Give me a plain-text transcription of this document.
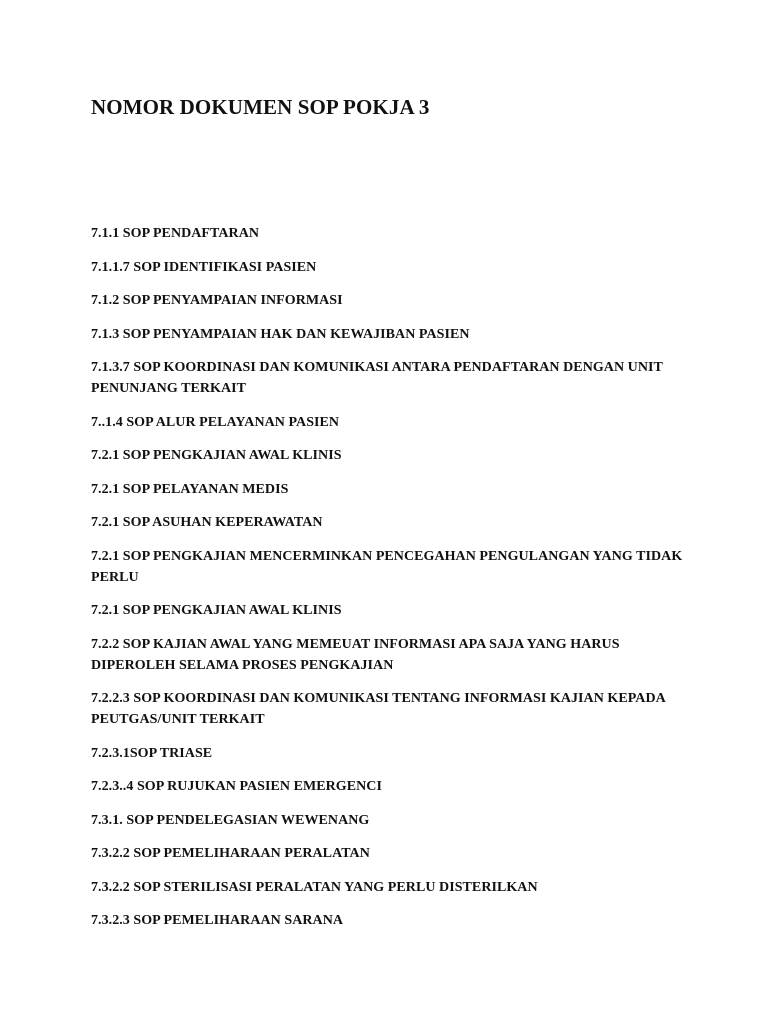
NOMOR DOKUMEN SOP POKJA 3
7.1.1 SOP PENDAFTARAN
7.1.1.7 SOP IDENTIFIKASI PASIEN
7.1.2 SOP PENYAMPAIAN INFORMASI
7.1.3 SOP PENYAMPAIAN HAK DAN KEWAJIBAN PASIEN
7.1.3.7 SOP KOORDINASI DAN KOMUNIKASI ANTARA PENDAFTARAN DENGAN UNIT PENUNJANG TERKAIT
7..1.4 SOP ALUR PELAYANAN PASIEN
7.2.1 SOP PENGKAJIAN AWAL KLINIS
7.2.1 SOP PELAYANAN MEDIS
7.2.1 SOP ASUHAN KEPERAWATAN
7.2.1 SOP PENGKAJIAN MENCERMINKAN PENCEGAHAN PENGULANGAN YANG TIDAK PERLU
7.2.1 SOP PENGKAJIAN AWAL KLINIS
7.2.2 SOP KAJIAN AWAL YANG MEMEUAT INFORMASI APA SAJA YANG HARUS DIPEROLEH SELAMA PROSES PENGKAJIAN
7.2.2.3 SOP KOORDINASI DAN KOMUNIKASI TENTANG INFORMASI KAJIAN KEPADA PEUTGAS/UNIT TERKAIT
7.2.3.1SOP TRIASE
7.2.3..4 SOP RUJUKAN PASIEN EMERGENCI
7.3.1. SOP PENDELEGASIAN WEWENANG
7.3.2.2 SOP PEMELIHARAAN PERALATAN
7.3.2.2 SOP STERILISASI PERALATAN YANG PERLU DISTERILKAN
7.3.2.3 SOP PEMELIHARAAN SARANA
